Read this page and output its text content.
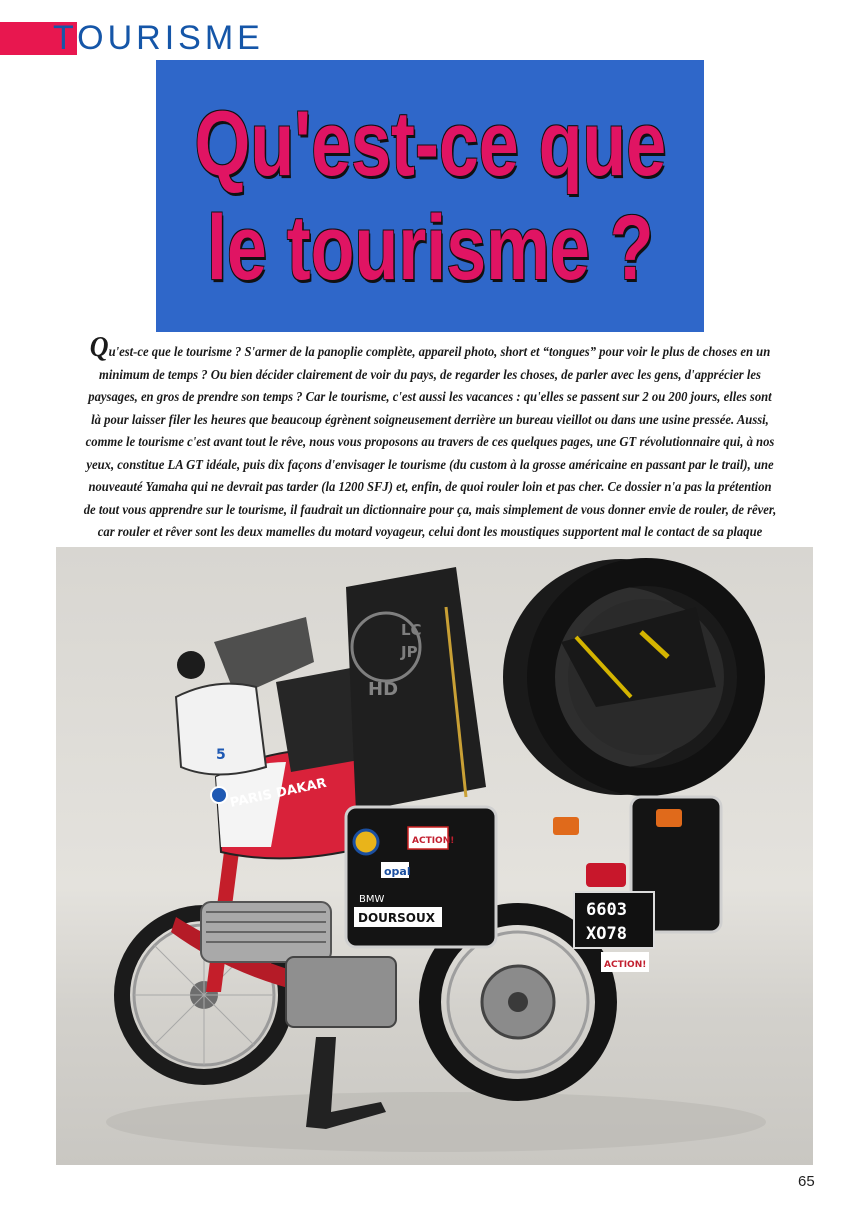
TOURISME
Qu'est-ce que
le tourisme ?

Qu'est-ce que le tourisme ? S'armer de la panoplie complète, appareil photo, short et “tongues” pour voir le plus de choses en un minimum de temps ? Ou bien décider clairement de voir du pays, de regarder les choses, de parler avec les gens, d'apprécier les paysages, en gros de prendre son temps ? Car le tourisme, c'est aussi les vacances : qu'elles se passent sur 2 ou 200 jours, elles sont là pour laisser filer les heures que beaucoup égrènent soigneusement derrière un bureau vieillot ou dans une usine pressée. Aussi, comme le tourisme c'est avant tout le rêve, nous vous proposons au travers de ces quelques pages, une GT révolutionnaire qui, à nos yeux, constitue LA GT idéale, puis dix façons d'envisager le tourisme (du custom à la grosse américaine en passant par le trail), une nouveauté Yamaha qui ne devrait pas tarder (la 1200 SFJ) et, enfin, de quoi rouler loin et pas cher. Ce dossier n'a pas la prétention de tout vous apprendre sur le tourisme, il faudrait un dictionnaire pour ça, mais simplement de vous donner envie de rouler, de rêver, car rouler et rêver sont les deux mamelles du motard voyageur, celui dont les moustiques supportent mal le contact de sa plaque

PARIS DAKAR
5
ACTION!
opal
BMW
DOURSOUX	6603
XO78
ACTION!
LC
JP
HD
65
